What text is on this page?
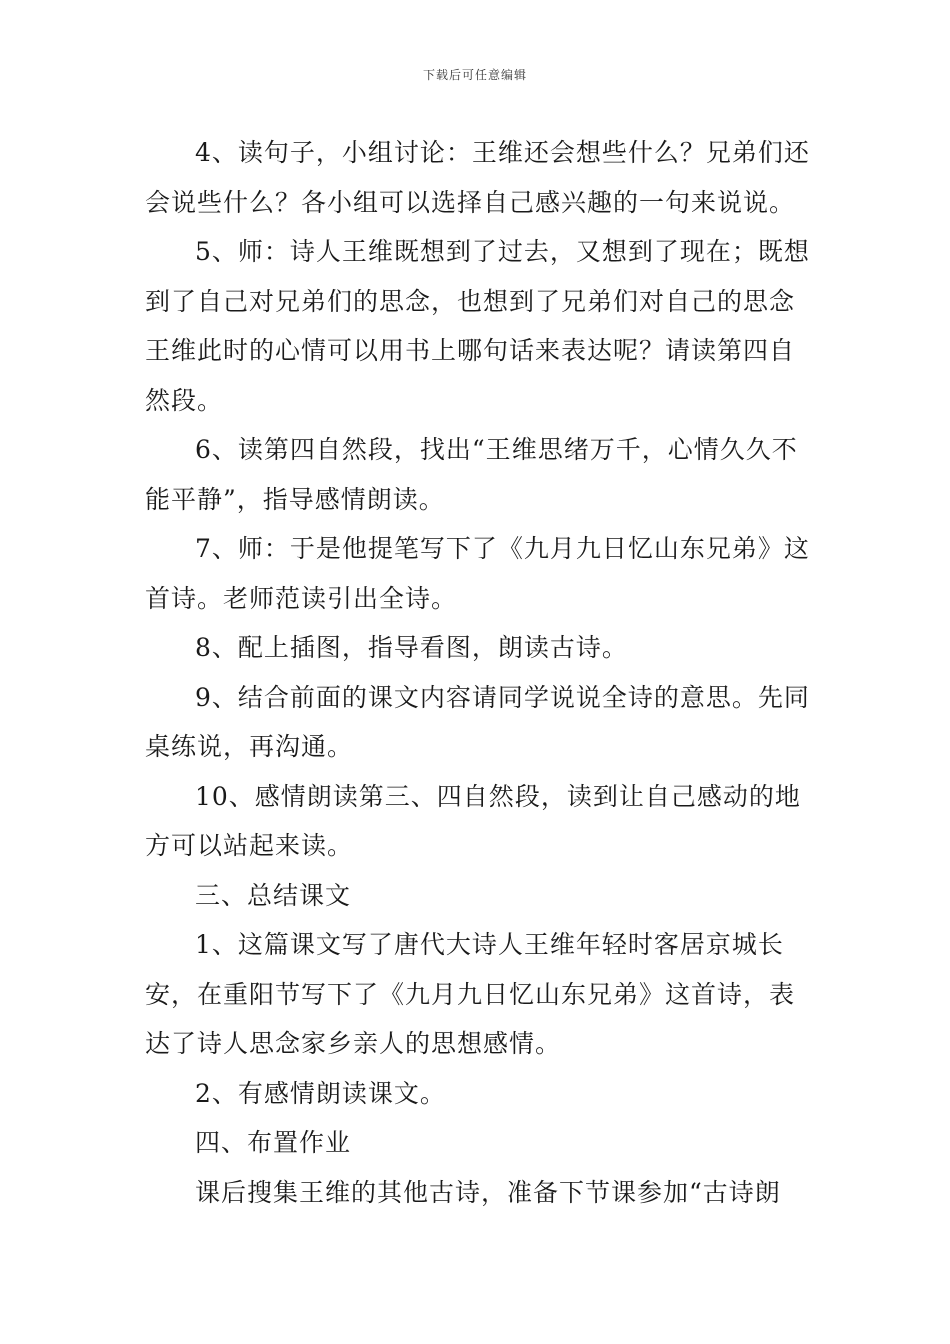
下载后可任意编辑

4、读句子，小组讨论：王维还会想些什么？兄弟们还会说些什么？各小组可以选择自己感兴趣的一句来说说。

5、师：诗人王维既想到了过去，又想到了现在；既想到了自己对兄弟们的思念，也想到了兄弟们对自己的思念王维此时的心情可以用书上哪句话来表达呢？请读第四自然段。

6、读第四自然段，找出“王维思绪万千，心情久久不能平静”，指导感情朗读。

7、师：于是他提笔写下了《九月九日忆山东兄弟》这首诗。老师范读引出全诗。

8、配上插图，指导看图，朗读古诗。

9、结合前面的课文内容请同学说说全诗的意思。先同桌练说，再沟通。

10、感情朗读第三、四自然段，读到让自己感动的地方可以站起来读。

三、总结课文

1、这篇课文写了唐代大诗人王维年轻时客居京城长安，在重阳节写下了《九月九日忆山东兄弟》这首诗，表达了诗人思念家乡亲人的思想感情。

2、有感情朗读课文。

四、布置作业

课后搜集王维的其他古诗，准备下节课参加“古诗朗
